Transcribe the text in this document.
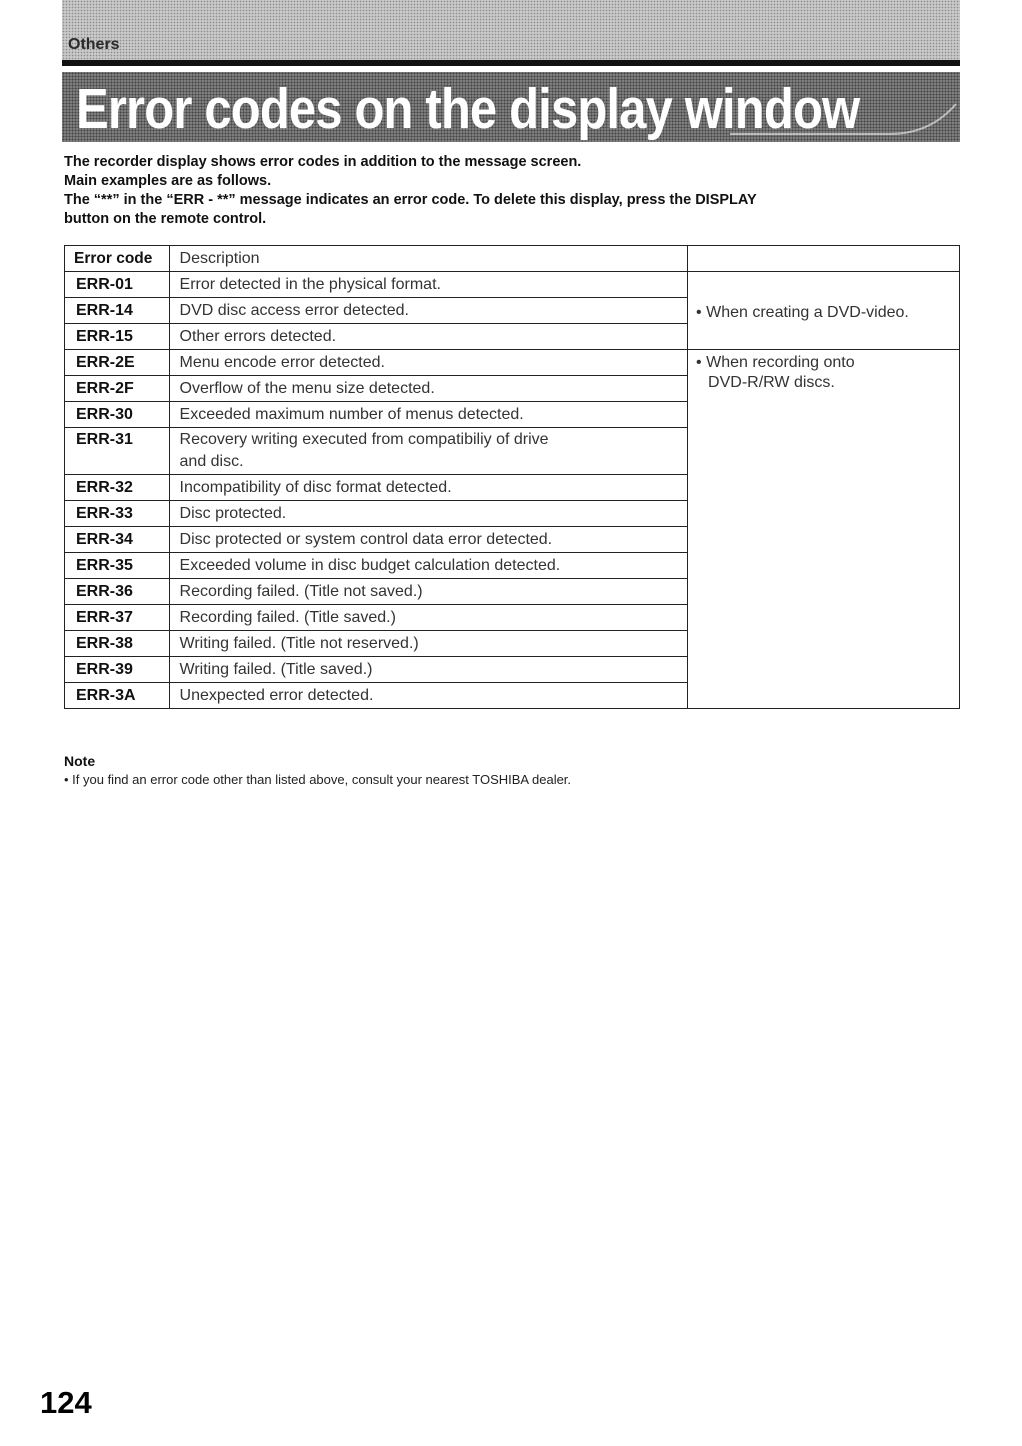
Others
Error codes on the display window
The recorder display shows error codes in addition to the message screen.
Main examples are as follows.
The “**” in the “ERR - **” message indicates an error code. To delete this display, press the DISPLAY
button on the remote control.
Error code	Description	
ERR-01	Error detected in the physical format.	• When creating a DVD-video.

ERR-14	DVD disc access error detected.	
ERR-15	Other errors detected.	
ERR-2E	Menu encode error detected.	• When recording onto
DVD-R/RW discs.

ERR-2F	Overflow of the menu size detected.	
ERR-30	Exceeded maximum number of menus detected.	
ERR-31	Recovery writing executed from compatibiliy of drive
and disc.	

ERR-32	Incompatibility of disc format detected.	
ERR-33	Disc protected.	
ERR-34	Disc protected or system control data error detected.	
ERR-35	Exceeded volume in disc budget calculation detected.	
ERR-36	Recording failed. (Title not saved.)	
ERR-37	Recording failed. (Title saved.)	
ERR-38	Writing failed. (Title not reserved.)	
ERR-39	Writing failed. (Title saved.)	
ERR-3A	Unexpected error detected.	
Note
• If you find an error code other than listed above, consult your nearest TOSHIBA dealer.
124
